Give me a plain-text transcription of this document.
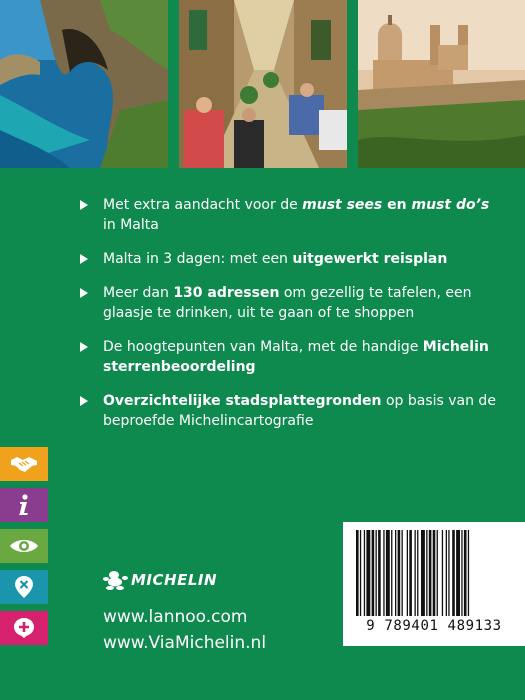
Met extra aandacht voor de must sees en must do’s in Malta
Malta in 3 dagen: met een uitgewerkt reisplan
Meer dan 130 adressen om gezellig te tafelen, een glaasje te drinken, uit te gaan of te shoppen
De hoogtepunten van Malta, met de handige Michelin sterrenbeoordeling
Overzichtelijke stadsplattegronden op basis van de beproefde Michelincartografie
MICHELIN
www.lannoo.com
www.ViaMichelin.nl
9 789401 489133
